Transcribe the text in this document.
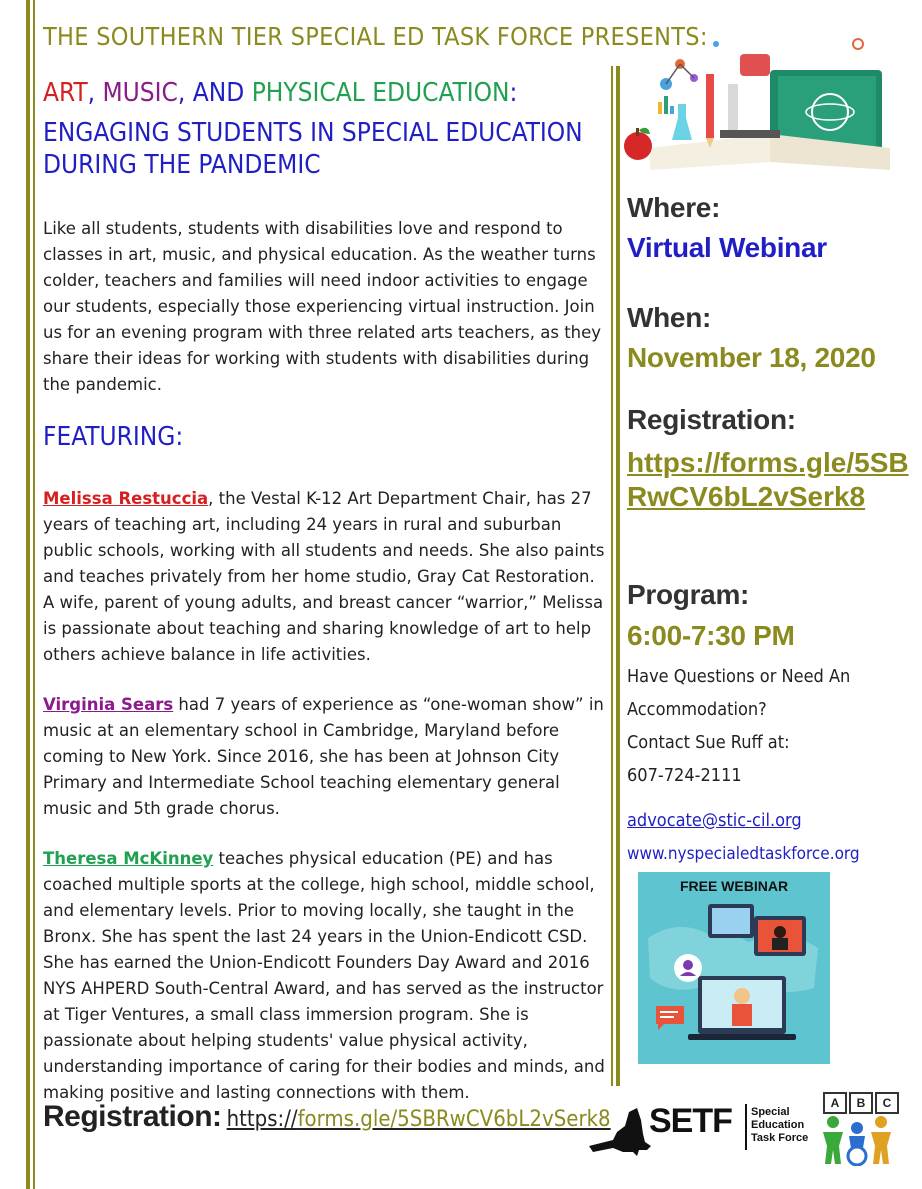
THE SOUTHERN TIER SPECIAL ED TASK FORCE PRESENTS:
ART, MUSIC, AND PHYSICAL EDUCATION:
ENGAGING STUDENTS IN SPECIAL EDUCATION DURING THE PANDEMIC
Like all students, students with disabilities love and respond to classes in art, music, and physical education. As the weather turns colder, teachers and families will need indoor activities to engage our students, especially those experiencing virtual instruction. Join us for an evening program with three related arts teachers, as they share their ideas for working with students with disabilities during the pandemic.
FEATURING:
Melissa Restuccia, the Vestal K-12 Art Department Chair, has 27 years of teaching art, including 24 years in rural and suburban public schools, working with all students and needs. She also paints and teaches privately from her home studio, Gray Cat Restoration. A wife, parent of young adults, and breast cancer “warrior,” Melissa is passionate about teaching and sharing knowledge of art to help others achieve balance in life activities.
Virginia Sears had 7 years of experience as “one-woman show” in music at an elementary school in Cambridge, Maryland before coming to New York. Since 2016, she has been at Johnson City Primary and Intermediate School teaching elementary general music and 5th grade chorus.
Theresa McKinney teaches physical education (PE) and has coached multiple sports at the college, high school, middle school, and elementary levels. Prior to moving locally, she taught in the Bronx. She has spent the last 24 years in the Union-Endicott CSD. She has earned the Union-Endicott Founders Day Award and 2016 NYS AHPERD South-Central Award, and has served as the instructor at Tiger Ventures, a small class immersion program. She is passionate about helping students' value physical activity, understanding importance of caring for their bodies and minds, and making positive and lasting connections with them.
Registration: https://forms.gle/5SBRwCV6bL2vSerk8
Where:
Virtual Webinar
When:
November 18, 2020
Registration:
https://forms.gle/5SBRwCV6bL2vSerk8
Program:
6:00-7:30 PM
Have Questions or Need An Accommodation?
Contact Sue Ruff at:
607-724-2111
advocate@stic-cil.org
www.nyspecialedtaskforce.org
FREE WEBINAR
SETF Special
Education
Task Force
A	B	C
